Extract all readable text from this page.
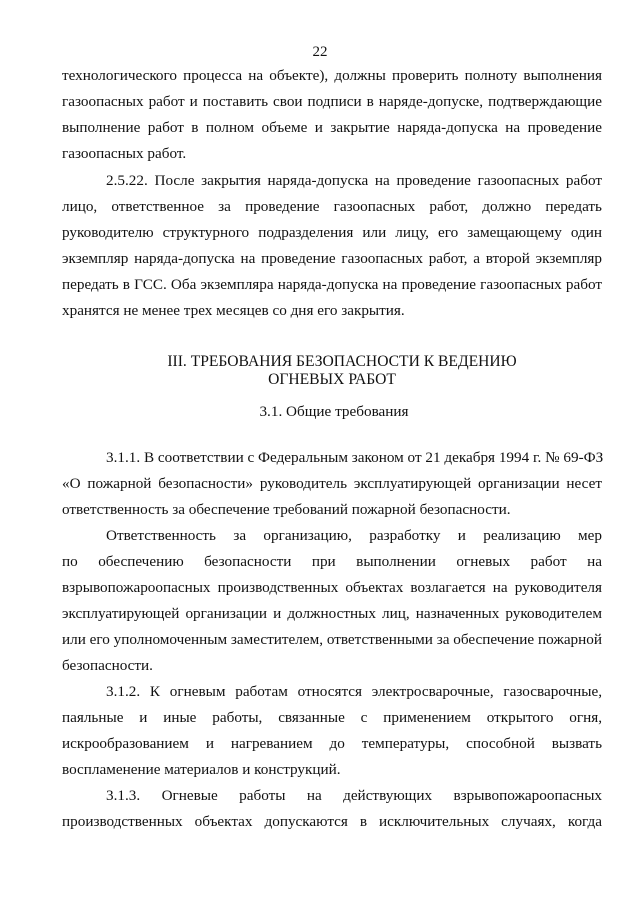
22
технологического процесса на объекте), должны проверить полноту выполнения
газоопасных работ и поставить свои подписи в наряде-допуске, подтверждающие
выполнение работ в полном объеме и закрытие наряда-допуска на проведение
газоопасных работ.
2.5.22. После закрытия наряда-допуска на проведение газоопасных работ
лицо, ответственное за проведение газоопасных работ, должно передать
руководителю структурного подразделения или лицу, его замещающему один
экземпляр наряда-допуска на проведение газоопасных работ, а второй экземпляр
передать в ГСС. Оба экземпляра наряда-допуска на проведение газоопасных работ
хранятся не менее трех месяцев со дня его закрытия.
III. ТРЕБОВАНИЯ БЕЗОПАСНОСТИ К ВЕДЕНИЮ
ОГНЕВЫХ РАБОТ
3.1. Общие требования
3.1.1. В соответствии с Федеральным законом от 21 декабря 1994 г. № 69-ФЗ
«О пожарной безопасности» руководитель эксплуатирующей организации несет
ответственность за обеспечение требований пожарной безопасности.
Ответственность за организацию, разработку и реализацию мер
по обеспечению безопасности при выполнении огневых работ на
взрывопожароопасных производственных объектах возлагается на руководителя
эксплуатирующей организации и должностных лиц, назначенных руководителем
или его уполномоченным заместителем, ответственными за обеспечение пожарной
безопасности.
3.1.2. К огневым работам относятся электросварочные, газосварочные,
паяльные и иные работы, связанные с применением открытого огня,
искрообразованием и нагреванием до температуры, способной вызвать
воспламенение материалов и конструкций.
3.1.3. Огневые работы на действующих взрывопожароопасных
производственных объектах допускаются в исключительных случаях, когда
